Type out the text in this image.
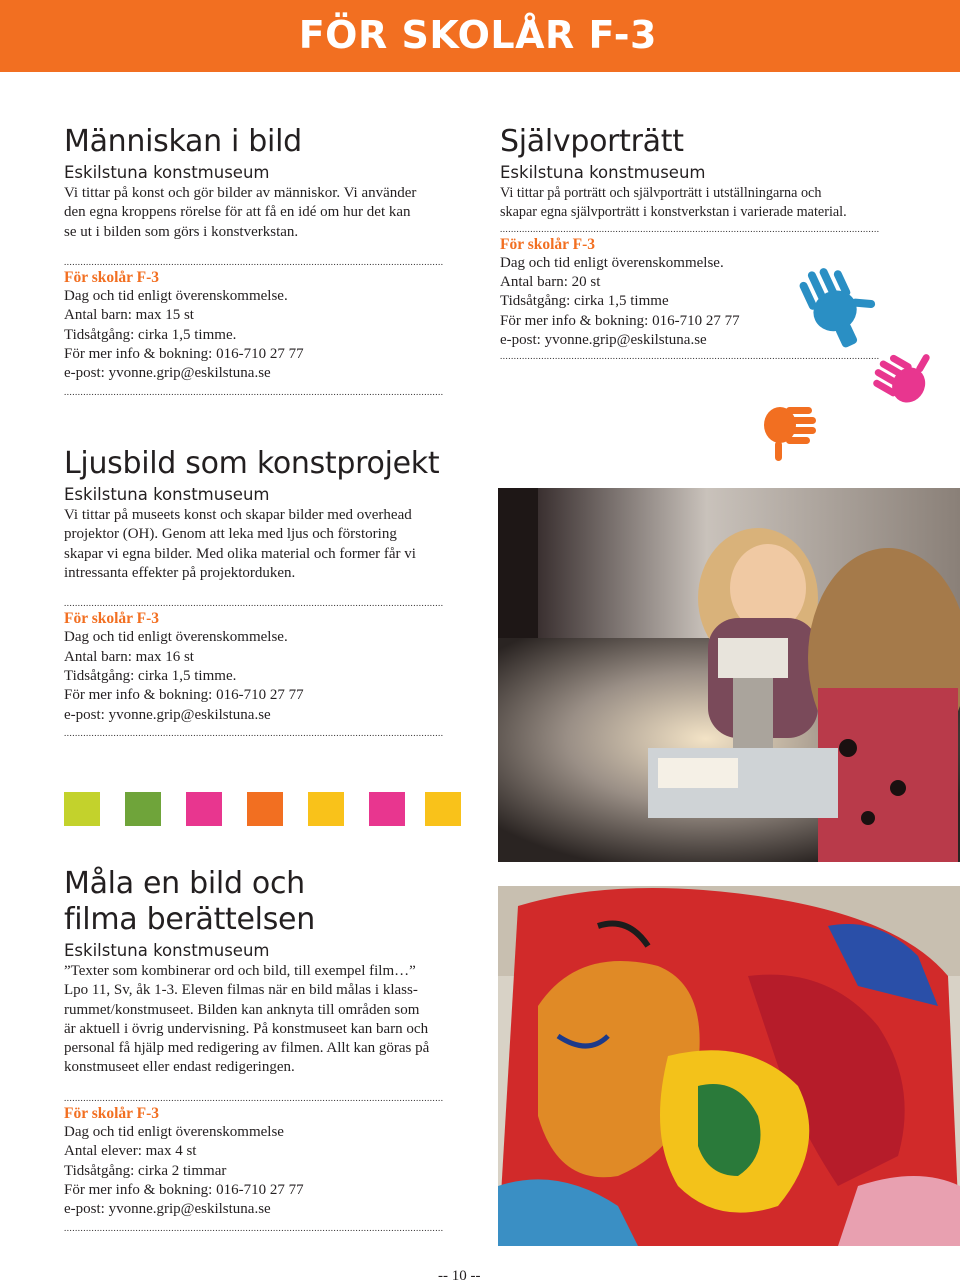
FÖR SKOLÅR F-3
Människan i bild
Eskilstuna konstmuseum
Vi tittar på konst och gör bilder av människor. Vi använder
den egna kroppens rörelse för att få en idé om hur det kan
se ut i bilden som görs i konstverkstan.
..........................................................................................................................................
För skolår F-3
Dag och tid enligt överenskommelse.
Antal barn: max 15 st
Tidsåtgång: cirka 1,5 timme.
För mer info & bokning: 016-710 27 77
e-post: yvonne.grip@eskilstuna.se
..........................................................................................................................................
Självporträtt
Eskilstuna konstmuseum
Vi tittar på porträtt och självporträtt i utställningarna och
skapar egna självporträtt i konstverkstan i varierade material.
..........................................................................................................................................
För skolår F-3
Dag och tid enligt överenskommelse.
Antal barn: 20 st
Tidsåtgång: cirka 1,5 timme
För mer info & bokning: 016-710 27 77
e-post: yvonne.grip@eskilstuna.se
..........................................................................................................................................
Ljusbild som konstprojekt
Eskilstuna konstmuseum
Vi tittar på museets konst och skapar bilder med overhead
projektor (OH). Genom att leka med ljus och förstoring
skapar vi egna bilder. Med olika material och former får vi
intressanta effekter på projektorduken.
..........................................................................................................................................
För skolår F-3
Dag och tid enligt överenskommelse.
Antal barn: max 16 st
Tidsåtgång: cirka 1,5 timme.
För mer info & bokning: 016-710 27 77
e-post: yvonne.grip@eskilstuna.se
..........................................................................................................................................
Måla en bild och
filma berättelsen
Eskilstuna konstmuseum
”Texter som kombinerar ord och bild, till exempel film…”
Lpo 11, Sv, åk 1-3. Eleven filmas när en bild målas i klass-
rummet/konstmuseet. Bilden kan anknyta till områden som
är aktuell i övrig undervisning. På konstmuseet kan barn och
personal få hjälp med redigering av filmen. Allt kan göras på
konstmuseet eller endast redigeringen.
..........................................................................................................................................
För skolår F-3
Dag och tid enligt överenskommelse
Antal elever: max 4 st
Tidsåtgång: cirka 2 timmar
För mer info & bokning: 016-710 27 77
e-post: yvonne.grip@eskilstuna.se
..........................................................................................................................................
-- 10 --
